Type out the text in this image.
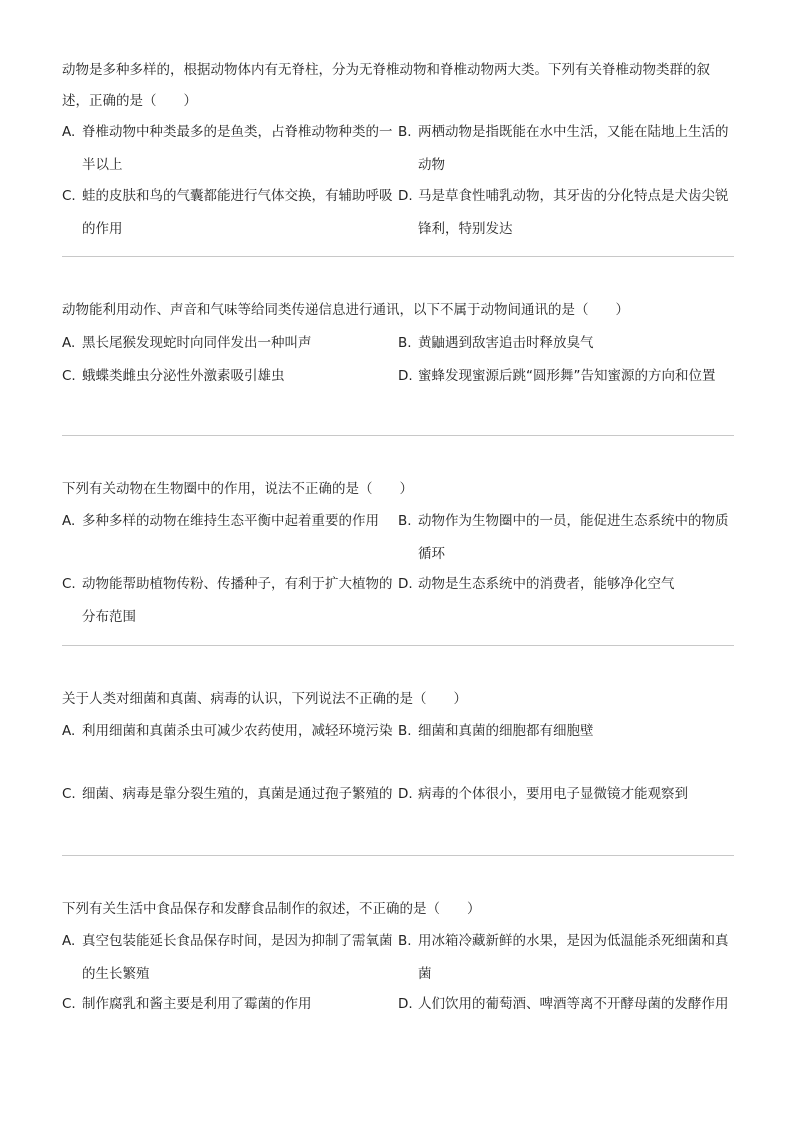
动物是多种多样的，根据动物体内有无脊柱，分为无脊椎动物和脊椎动物两大类。下列有关脊椎动物类群的叙
述，正确的是（　　）
A. 脊椎动物中种类最多的是鱼类，占脊椎动物种类的一半以上
B. 两栖动物是指既能在水中生活，又能在陆地上生活的动物
C. 蛙的皮肤和鸟的气囊都能进行气体交换，有辅助呼吸的作用
D. 马是草食性哺乳动物，其牙齿的分化特点是犬齿尖锐锋利，特别发达
动物能利用动作、声音和气味等给同类传递信息进行通讯，以下不属于动物间通讯的是（　　）
A. 黑长尾猴发现蛇时向同伴发出一种叫声	B. 黄鼬遇到敌害追击时释放臭气
C. 蛾蝶类雌虫分泌性外激素吸引雄虫	D. 蜜蜂发现蜜源后跳“圆形舞”告知蜜源的方向和位置
下列有关动物在生物圈中的作用，说法不正确的是（　　）
A. 多种多样的动物在维持生态平衡中起着重要的作用	B. 动物作为生物圈中的一员，能促进生态系统中的物质循环
C. 动物能帮助植物传粉、传播种子，有利于扩大植物的分布范围
D. 动物是生态系统中的消费者，能够净化空气
关于人类对细菌和真菌、病毒的认识，下列说法不正确的是（　　）
A. 利用细菌和真菌杀虫可减少农药使用，减轻环境污染 B. 细菌和真菌的细胞都有细胞壁
C. 细菌、病毒是靠分裂生殖的，真菌是通过孢子繁殖的 D. 病毒的个体很小，要用电子显微镜才能观察到
下列有关生活中食品保存和发酵食品制作的叙述，不正确的是（　　）
A. 真空包装能延长食品保存时间，是因为抑制了需氧菌的生长繁殖
B. 用冰箱冷藏新鲜的水果，是因为低温能杀死细菌和真菌
C. 制作腐乳和酱主要是利用了霉菌的作用	D. 人们饮用的葡萄酒、啤酒等离不开酵母菌的发酵作用
